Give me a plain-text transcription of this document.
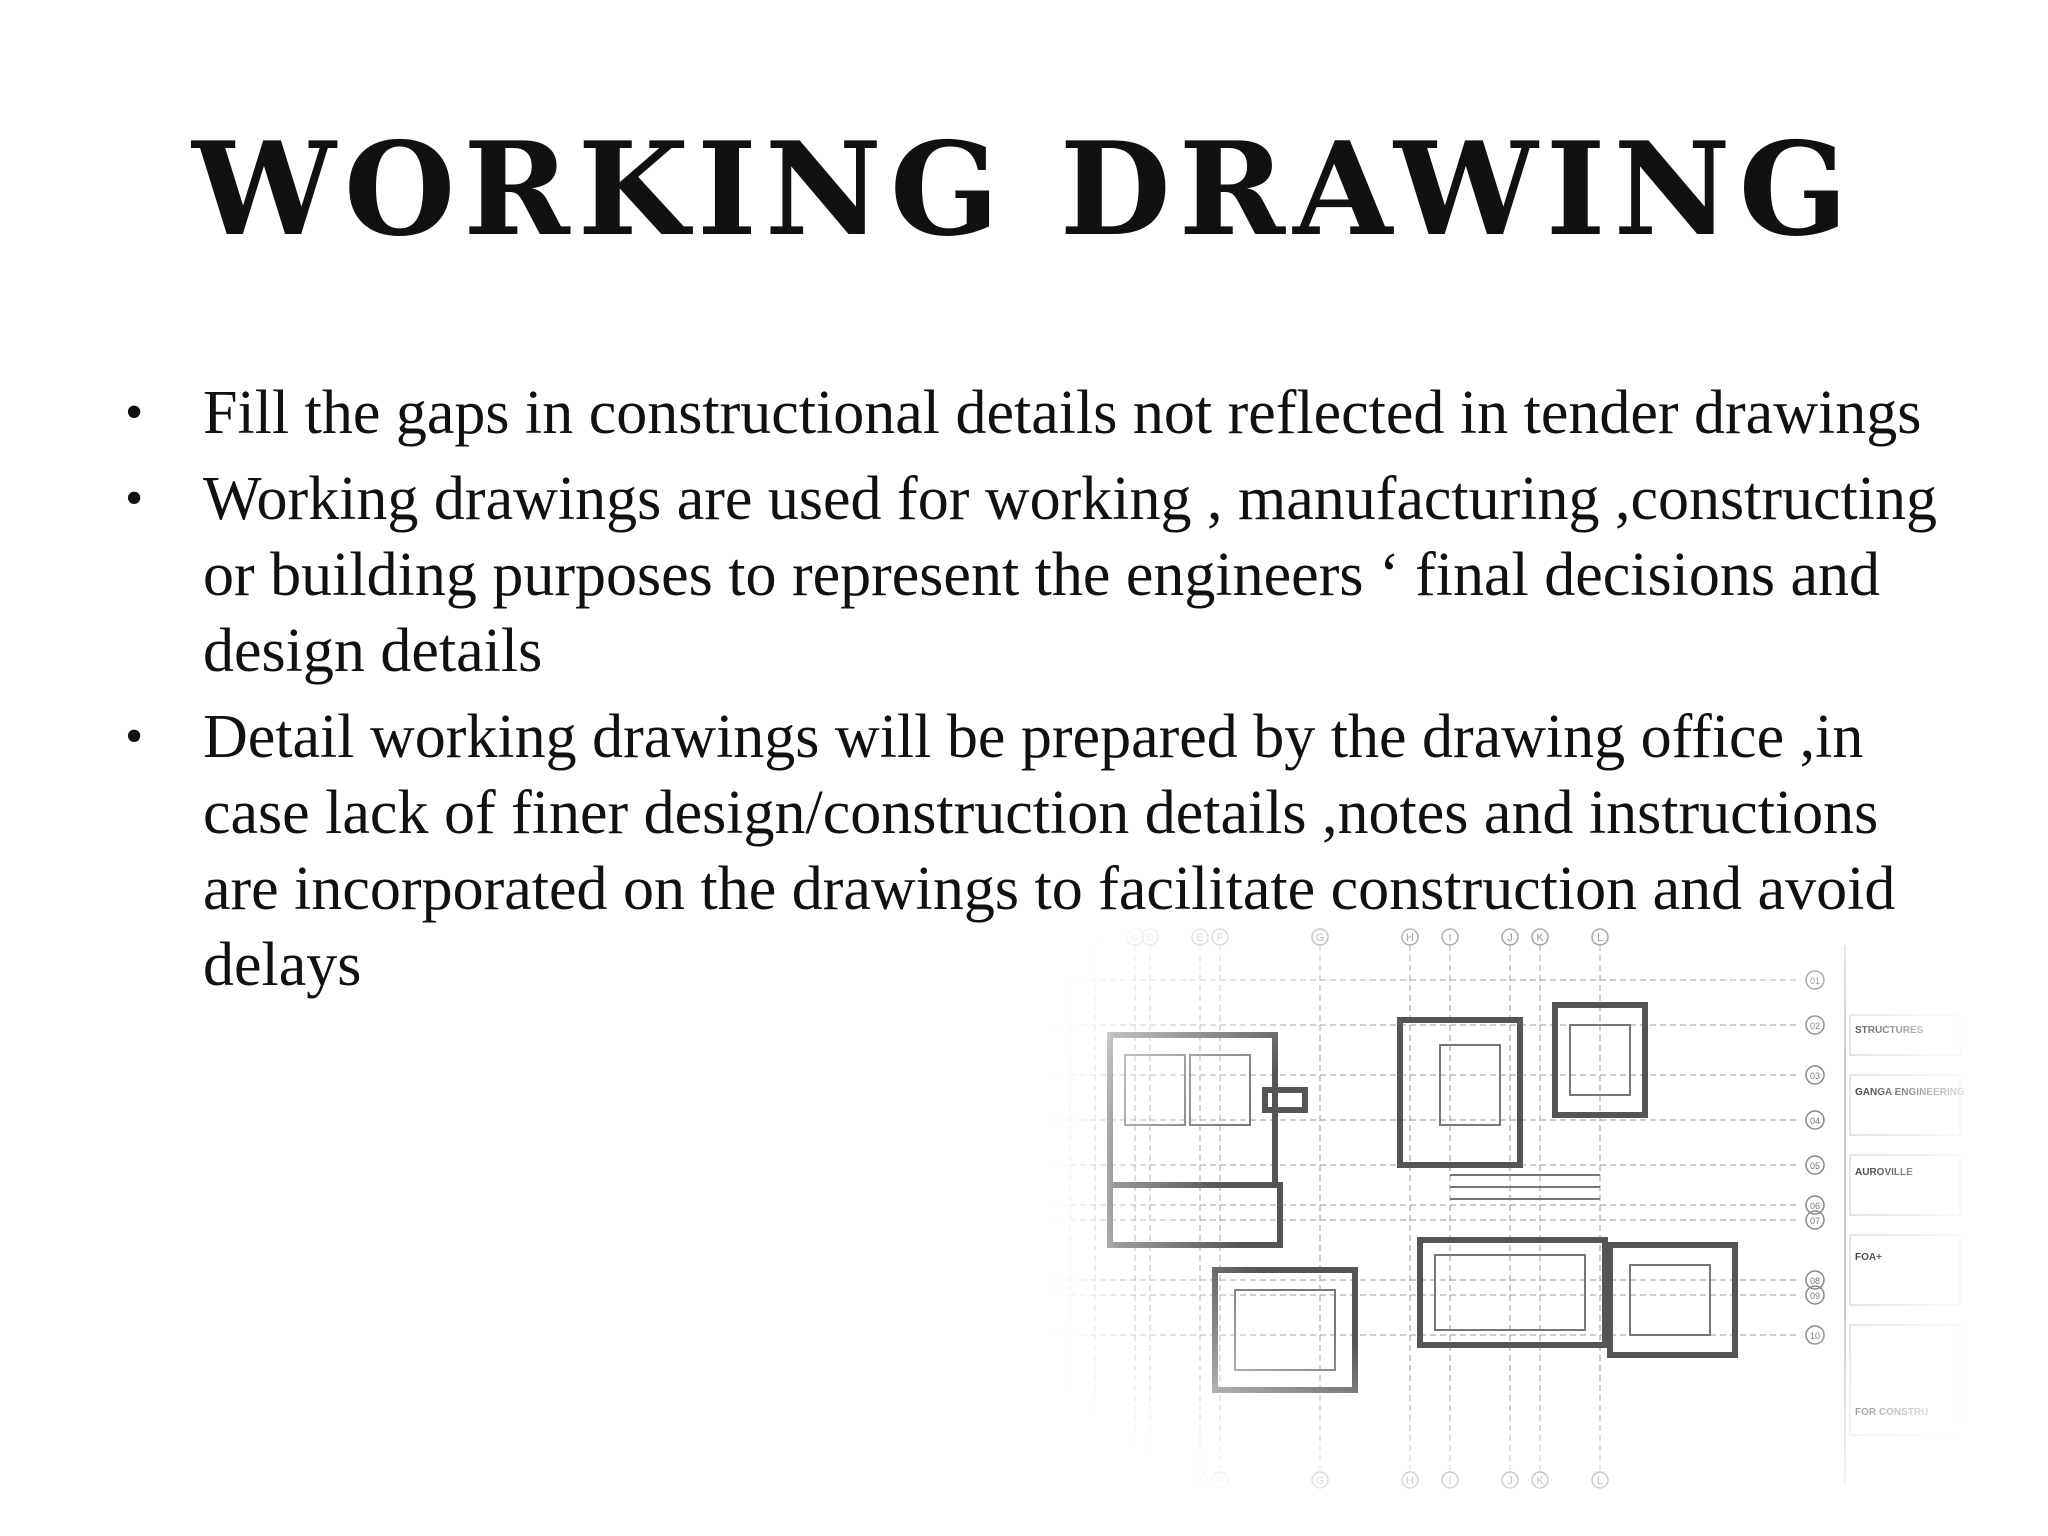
WORKING DRAWING
• Fill the gaps in constructional details not reflected in tender drawings
• Working drawings are used for working , manufacturing ,constructing or building purposes to represent the engineers ‘ final decisions and design details
• Detail working drawings will be prepared by the drawing office ,in case lack of finer design/construction details ,notes and instructions are incorporated on the drawings to facilitate construction and avoid delays
